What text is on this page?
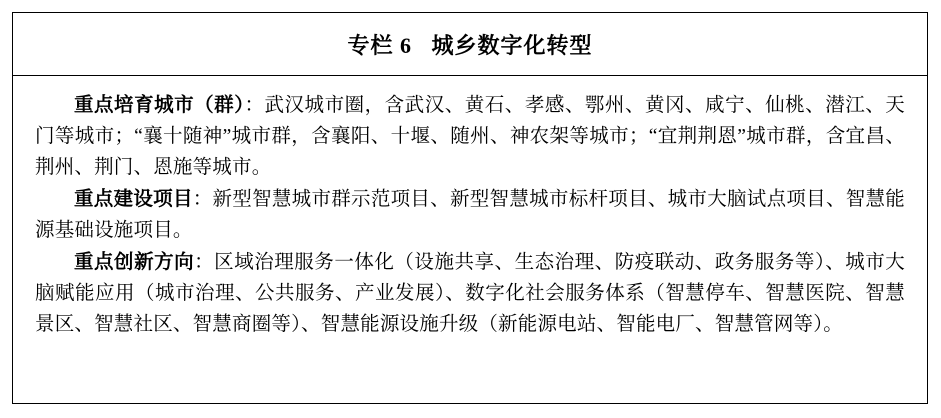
专栏 6   城乡数字化转型

重点培育城市（群）：武汉城市圈，含武汉、黄石、孝感、鄂州、黄冈、咸宁、仙桃、潜江、天门等城市；“襄十随神”城市群，含襄阳、十堰、随州、神农架等城市；“宜荆荆恩”城市群，含宜昌、荆州、荆门、恩施等城市。

重点建设项目：新型智慧城市群示范项目、新型智慧城市标杆项目、城市大脑试点项目、智慧能源基础设施项目。

重点创新方向：区域治理服务一体化（设施共享、生态治理、防疫联动、政务服务等）、城市大脑赋能应用（城市治理、公共服务、产业发展）、数字化社会服务体系（智慧停车、智慧医院、智慧景区、智慧社区、智慧商圈等）、智慧能源设施升级（新能源电站、智能电厂、智慧管网等）。
